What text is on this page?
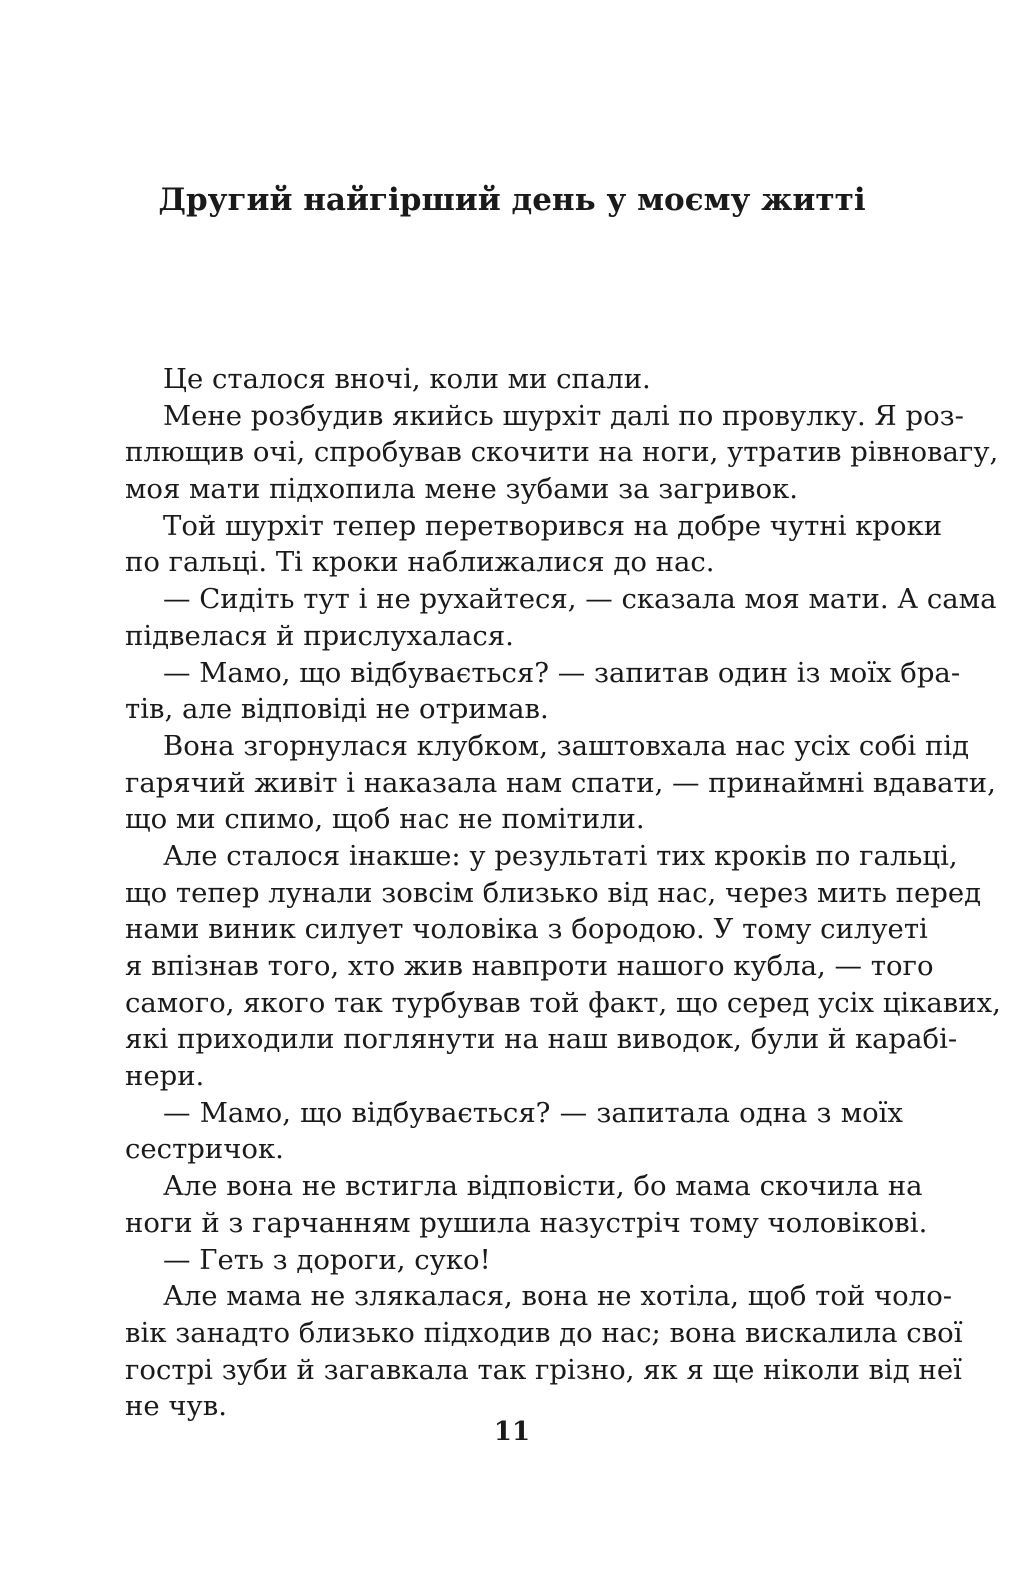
Другий найгірший день у моєму житті
Це сталося вночі, коли ми спали.
Мене розбудив якийсь шурхіт далі по провулку. Я роз-
плющив очі, спробував скочити на ноги, утратив рівновагу,
моя мати підхопила мене зубами за загривок.
Той шурхіт тепер перетворився на добре чутні кроки
по гальці. Ті кроки наближалися до нас.
— Сидіть тут і не рухайтеся, — сказала моя мати. А сама
підвелася й прислухалася.
— Мамо, що відбувається? — запитав один із моїх бра-
тів, але відповіді не отримав.
Вона згорнулася клубком, заштовхала нас усіх собі під
гарячий живіт і наказала нам спати, — принаймні вдавати,
що ми спимо, щоб нас не помітили.
Але сталося інакше: у результаті тих кроків по гальці,
що тепер лунали зовсім близько від нас, через мить перед
нами виник силует чоловіка з бородою. У тому силуеті
я впізнав того, хто жив навпроти нашого кубла, — того
самого, якого так турбував той факт, що серед усіх цікавих,
які приходили поглянути на наш виводок, були й карабі-
нери.
— Мамо, що відбувається? — запитала одна з моїх
сестричок.
Але вона не встигла відповісти, бо мама скочила на
ноги й з гарчанням рушила назустріч тому чоловікові.
— Геть з дороги, суко!
Але мама не злякалася, вона не хотіла, щоб той чоло-
вік занадто близько підходив до нас; вона вискалила свої
гострі зуби й загавкала так грізно, як я ще ніколи від неї
не чув.
11
